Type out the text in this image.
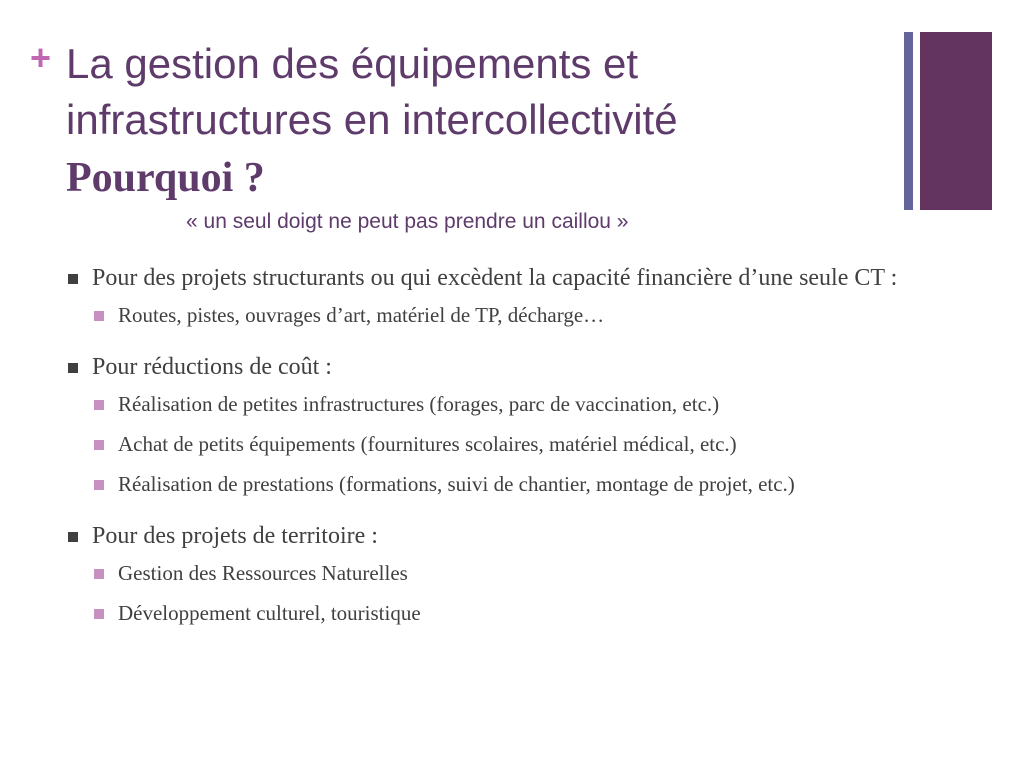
+ La gestion des équipements et
infrastructures en intercollectivité
Pourquoi ?
« un seul doigt ne peut pas prendre un caillou »
Pour des projets structurants ou qui excèdent la capacité financière d’une seule CT :
Routes, pistes, ouvrages d’art, matériel de TP, décharge…
Pour réductions de coût :
Réalisation de petites infrastructures (forages, parc de vaccination, etc.)
Achat de petits équipements (fournitures scolaires, matériel médical, etc.)
Réalisation de prestations (formations, suivi de chantier, montage de projet, etc.)
Pour des projets de territoire :
Gestion des Ressources Naturelles
Développement culturel, touristique
